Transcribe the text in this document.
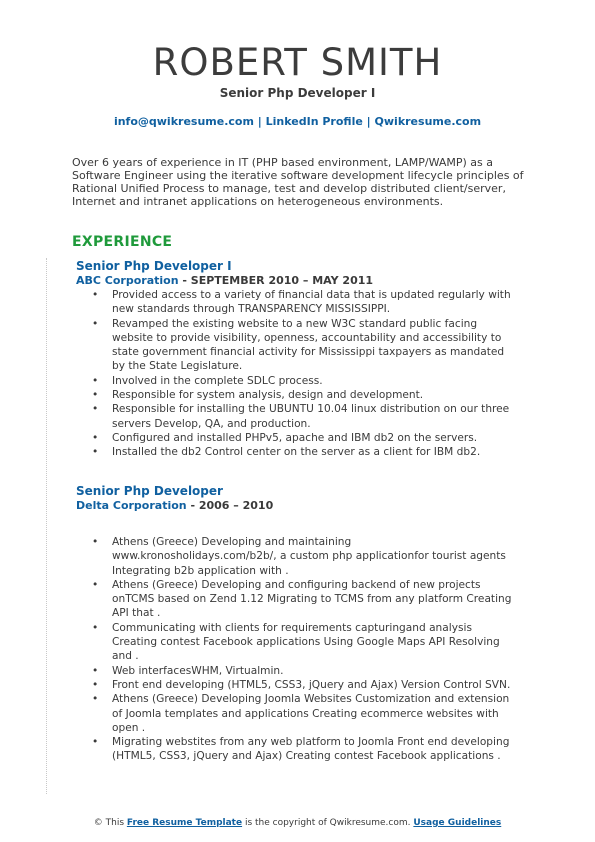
ROBERT SMITH
Senior Php Developer I
info@qwikresume.com | LinkedIn Profile | Qwikresume.com
Over 6 years of experience in IT (PHP based environment, LAMP/WAMP) as a Software Engineer using the iterative software development lifecycle principles of Rational Unified Process to manage, test and develop distributed client/server, Internet and intranet applications on heterogeneous environments.
EXPERIENCE
Senior Php Developer I
ABC Corporation - SEPTEMBER 2010 – MAY 2011
• Provided access to a variety of financial data that is updated regularly with new standards through TRANSPARENCY MISSISSIPPI.
• Revamped the existing website to a new W3C standard public facing website to provide visibility, openness, accountability and accessibility to state government financial activity for Mississippi taxpayers as mandated by the State Legislature.
• Involved in the complete SDLC process.
• Responsible for system analysis, design and development.
• Responsible for installing the UBUNTU 10.04 linux distribution on our three servers Develop, QA, and production.
• Configured and installed PHPv5, apache and IBM db2 on the servers.
• Installed the db2 Control center on the server as a client for IBM db2.
Senior Php Developer
Delta Corporation - 2006 – 2010
• Athens (Greece) Developing and maintaining www.kronosholidays.com/b2b/, a custom php applicationfor tourist agents Integrating b2b application with .
• Athens (Greece) Developing and configuring backend of new projects onTCMS based on Zend 1.12 Migrating to TCMS from any platform Creating API that .
• Communicating with clients for requirements capturingand analysis Creating contest Facebook applications Using Google Maps API Resolving and .
• Web interfacesWHM, Virtualmin.
• Front end developing (HTML5, CSS3, jQuery and Ajax) Version Control SVN.
• Athens (Greece) Developing Joomla Websites Customization and extension of Joomla templates and applications Creating ecommerce websites with open .
• Migrating webstites from any web platform to Joomla Front end developing (HTML5, CSS3, jQuery and Ajax) Creating contest Facebook applications .
© This Free Resume Template is the copyright of Qwikresume.com. Usage Guidelines
